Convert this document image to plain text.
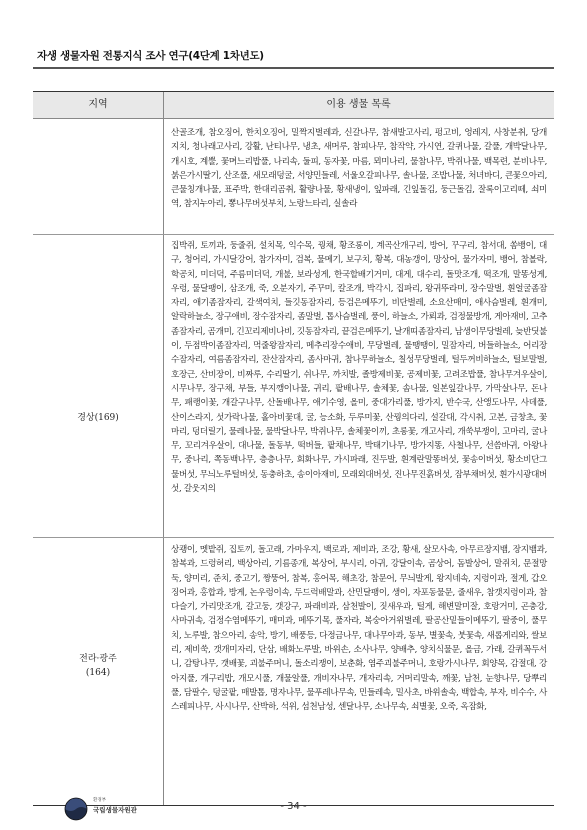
자생 생물자원 전통지식 조사 연구(4단계 1차년도)
지역	이용 생물 목록
산골조개, 참오징어, 한치오징어, 밀짝지벌레과, 신갈나무, 참새발고사리, 펑고비, 엉레지, 사창분취, 당개지치, 청나래고사리, 강활, 난티나무, 냉초, 새머루, 참피나무, 참작약, 가시연, 갈퀴나물, 갈풀, 개박달나무, 개시호, 계뿔, 꽃며느리밥풀, 나리속, 둘피, 동자꽃, 마름, 뫼미나리, 물참나무, 박쥐나물, 백목련, 분비나무, 붉은가시딸기, 산조풀, 새모래덩굴, 서양민들레, 서울오갈피나무, 솔나물, 조밥나물, 처녀바디, 큰꽃으아리, 큰물칭개나물, 표주박, 한대리곰취, 활량나물, 황새냉이, 잎파래, 긴잎돌김, 둥근돌김, 잘록이고리떼, 쇠미역, 참지누아리, 뽕나무버섯부치, 노랑느타리, 실솔라
경상(169)
집박쥐, 토끼과, 둥줄쥐, 설치목, 익수목, 꿩채, 황조롱이, 계곡산개구리, 방어, 꾸구리, 참서대, 쏨뱅이, 대구, 청어리, 가시달강어, 참가자미, 검복, 물메기, 보구치, 황복, 대농갱이, 망상어, 물가자미, 뱅어, 참볼락, 학공치, 미더덕, 주름미더덕, 개불, 보라성게, 한국할배기거미, 대게, 대수리, 돌맛조개, 떡조개, 말똥성게, 우렁, 물달팽이, 삼조개, 죽, 오분자기, 주꾸미, 칼조개, 박각시, 집파리, 왕귀뚜라미, 장수말벌, 흰얼굴좀잠자리, 애기좀잠자리, 갈색여치, 들깃동잠자리, 등검은메뚜기, 비단벌레, 소요산매미, 애사슴벌레, 흰개미, 알락하늘소, 장구애비, 장수잠자리, 좀말벌, 톱사슴벌레, 풍이, 하늘소, 가뢰과, 검정물방개, 게아재비, 고추좀잠자리, 곰개미, 긴꼬리제비나비, 깃동잠자리, 끝검은메뚜기, 날개띠좀잠자리, 남생이무당벌레, 늦반딧불이, 두점박이좀잠자리, 먹줄왕잠자리, 메추리장수애비, 무당벌레, 물땡땡이, 밀잠자리, 버들하늘소, 어리장수잠자리, 여름좀잠자리, 잔산잠자리, 좀사마귀, 참나무하늘소, 칠성무당벌레, 털두꺼비하늘소, 털보말벌, 호장근, 산비장이, 비짜루, 수리딸기, 쉬나무, 까치발, 졸방제비꽃, 공제비꽃, 고려조밥풀, 참나무겨우살이, 시무나무, 장구채, 부들, 부지깽이나물, 귀리, 팥배나무, 솔체꽃, 솜나물, 일본잎갈나무, 가막살나무, 돈나무, 패랭이꽃, 개갈구나무, 산돌배나무, 애기수영, 올미, 중대가리풀, 방가지, 반수국, 산앵도나무, 사데풀, 산이스라지, 섯가락나물, 홀아비꽃대, 굴, 능소화, 두루미꽃, 산꿩의다리, 설갈대, 각시취, 고본, 금창초, 꽃마리, 덩더릴기, 물레나물, 물박달나무, 박쥐나무, 솔체꽃이끼, 초롱꽃, 개고사리, 개쑥부쟁이, 고마리, 굴나무, 꼬리겨우살이, 대나물, 돌동부, 떡버들, 팥채나무, 박태기나무, 방가지똥, 사철나무, 선씀바귀, 아왕나무, 중나리, 쪽동백나무, 층층나무, 회화나무, 가시파래, 진두발, 흰계란말똥버섯, 꽃송이버섯, 황소비단그물버섯, 무늬노루털버섯, 동충하초, 송이아재비, 모래외대버섯, 진나무진흙버섯, 잠부채버섯, 흰가시광대버섯, 갈웃지의
전라·광주
(164)
상괭이, 멧밭쥐, 집토끼, 돌고래, 가마우지, 백로과, 제비과, 조강, 황새, 살모사속, 아무르장지뱀, 장지뱀과, 참복과, 드렁허리, 백상아리, 기름종개, 복상어, 부시리, 아귀, 강달이속, 곰상어, 돔발상어, 말쥐치, 문절망둑, 양미리, 준치, 중고기, 짱뚱어, 참복, 홍어목, 해초강, 참문어, 무늬발게, 왕지네속, 지렁이과, 절게, 갑오징어과, 홍합과, 방게, 논우렁이속, 두드럭배말과, 산민달팽이, 생이, 자포동물문, 줄새우, 참갯지렁이과, 참다슬기, 가리맛조개, 갈고둥, 갯강구, 파래비과, 삼천발이, 짓새우과, 털게, 해변말미잘, 호랑거미, 곤충강, 사마귀속, 검정수염메뚜기, 매미과, 메뚜기목, 풀자라, 복숭아거위벌레, 팔공산밑들이메뚜기, 팔중이, 풀무치, 노루발, 참으아리, 송악, 방기, 배풍등, 다정금나무, 대나무아과, 동부, 별꽃속, 붓꽃속, 새롭게리와, 쌀보리, 제비쑥, 갯개미자리, 단삼, 배화노루발, 바위손, 소사나무, 양배추, 양치식물문, 올금, 가래, 갈퀴꼭두서니, 감탕나무, 갯배꽃, 괴불주머니, 돌소리쟁이, 보춘화, 염주괴불주머니, 호랑가시나무, 회양목, 감절대, 강아지풀, 개구리밥, 개모시풀, 개물알풀, 개비자나무, 개자리속, 거머리말속, 깨꽃, 남천, 눈향나무, 당뿌리풀, 담팔수, 덩굴팥, 매발톱, 명자나무, 물푸레나무속, 민들레속, 밀사초, 바위솔속, 백합속, 부자, 비수수, 사스레피나무, 사시나무, 산박하, 석위, 섬천남성, 센달나무, 소나무속, 쇠별꽃, 오죽, 옥잠화,
환경부
국립생물자원관	- 34 -
